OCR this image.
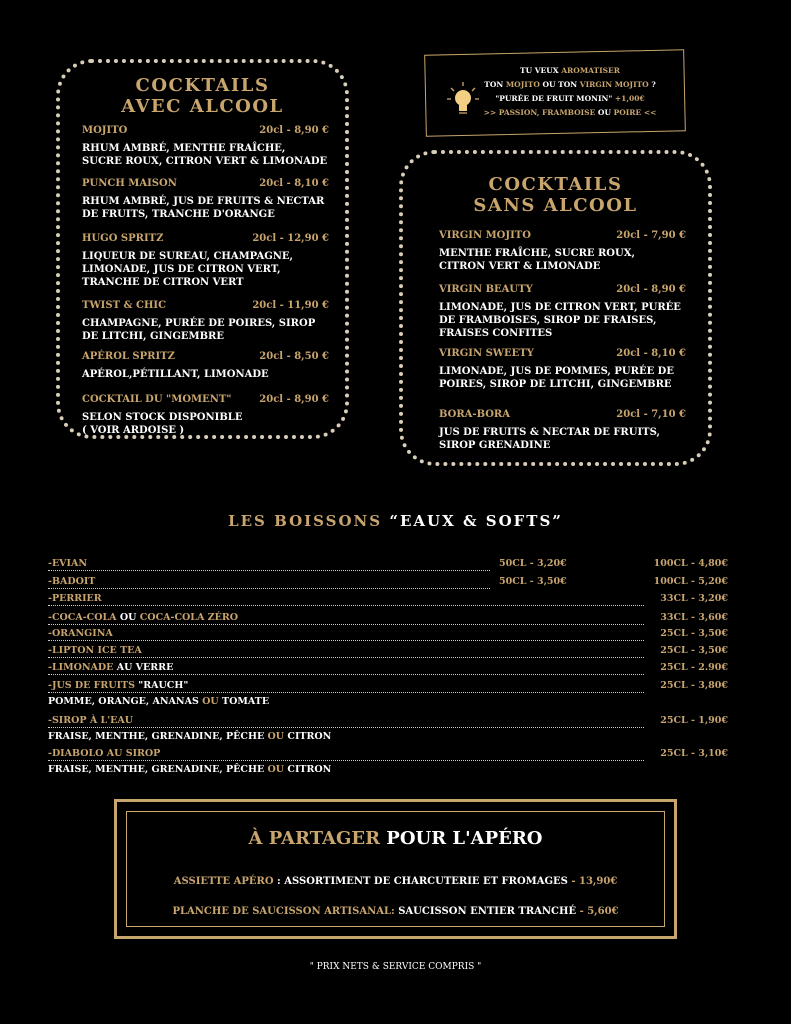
COCKTAILS
AVEC ALCOOL
MOJITO	20cl - 8,90 €
RHUM AMBRÉ, MENTHE FRAÎCHE,
SUCRE ROUX, CITRON VERT & LIMONADE
PUNCH MAISON	20cl - 8,10 €
RHUM AMBRÉ, JUS DE FRUITS & NECTAR
DE FRUITS, TRANCHE D'ORANGE
HUGO SPRITZ	20cl - 12,90 €
LIQUEUR DE SUREAU, CHAMPAGNE,
LIMONADE, JUS DE CITRON VERT,
TRANCHE DE CITRON VERT
TWIST & CHIC	20cl - 11,90 €
CHAMPAGNE, PURÉE DE POIRES, SIROP
DE LITCHI, GINGEMBRE
APÉROL SPRITZ	20cl - 8,50 €
APÉROL,PÉTILLANT, LIMONADE
COCKTAIL DU "MOMENT"	20cl - 8,90 €
SELON STOCK DISPONIBLE
( VOIR ARDOISE )
TU VEUX AROMATISER
TON MOJITO OU TON VIRGIN MOJITO ?
"PURÉE DE FRUIT MONIN" +1,00€
>> PASSION, FRAMBOISE OU POIRE <<
COCKTAILS
SANS ALCOOL
VIRGIN MOJITO	20cl - 7,90 €
MENTHE FRAÎCHE, SUCRE ROUX,
CITRON VERT & LIMONADE
VIRGIN BEAUTY	20cl - 8,90 €
LIMONADE, JUS DE CITRON VERT, PURÉE
DE FRAMBOISES, SIROP DE FRAISES,
FRAISES CONFITES
VIRGIN SWEETY	20cl - 8,10 €
LIMONADE, JUS DE POMMES, PURÉE DE
POIRES, SIROP DE LITCHI, GINGEMBRE
BORA-BORA	20cl - 7,10 €
JUS DE FRUITS & NECTAR DE FRUITS,
SIROP GRENADINE
LES BOISSONS “EAUX & SOFTS”
-EVIAN	50CL - 3,20€	100CL - 4,80€
-BADOIT	50CL - 3,50€	100CL - 5,20€
-PERRIER	33CL - 3,20€
-COCA-COLA OU COCA-COLA ZÉRO	33CL - 3,60€
-ORANGINA	25CL - 3,50€
-LIPTON ICE TEA	25CL - 3,50€
-LIMONADE AU VERRE	25CL - 2.90€
-JUS DE FRUITS "RAUCH"	25CL - 3,80€
POMME, ORANGE, ANANAS OU TOMATE
-SIROP À L'EAU	25CL - 1,90€
FRAISE, MENTHE, GRENADINE, PÊCHE OU CITRON
-DIABOLO AU SIROP	25CL - 3,10€
FRAISE, MENTHE, GRENADINE, PÊCHE OU CITRON
À PARTAGER POUR L'APÉRO
ASSIETTE APÉRO : ASSORTIMENT DE CHARCUTERIE ET FROMAGES - 13,90€
PLANCHE DE SAUCISSON ARTISANAL: SAUCISSON ENTIER TRANCHÉ - 5,60€
" PRIX NETS & SERVICE COMPRIS "
